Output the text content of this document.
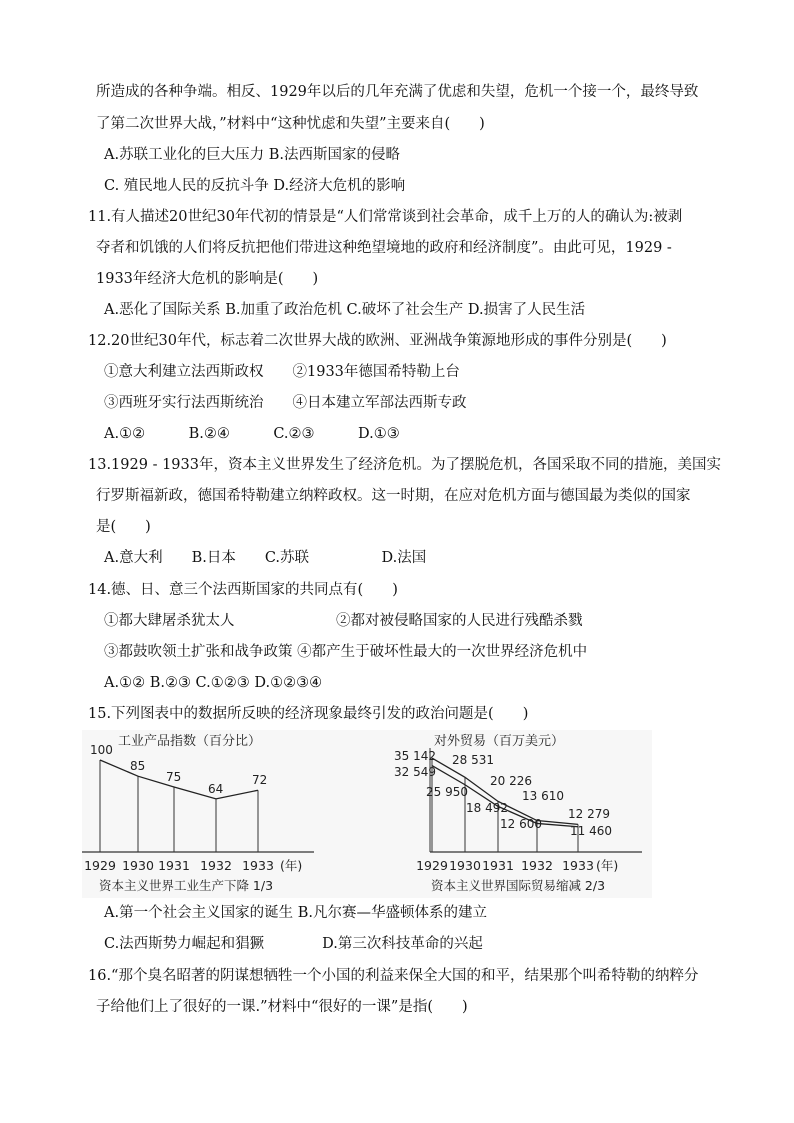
所造成的各种争端。相反、1929年以后的几年充满了优虑和失望，危机一个接一个，最终导致
了第二次世界大战，”材料中“这种忧虑和失望”主要来自(　　)
A.苏联工业化的巨大压力 B.法西斯国家的侵略
C. 殖民地人民的反抗斗争 D.经济大危机的影响
11.有人描述20世纪30年代初的情景是“人们常常谈到社会革命，成千上万的人的确认为:被剥
夺者和饥饿的人们将反抗把他们带进这种绝望境地的政府和经济制度”。由此可见，1929 -
1933年经济大危机的影响是(　　)
A.恶化了国际关系 B.加重了政治危机 C.破坏了社会生产 D.损害了人民生活
12.20世纪30年代，标志着二次世界大战的欧洲、亚洲战争策源地形成的事件分别是(　　)
①意大利建立法西斯政权　　②1933年德国希特勒上台
③西班牙实行法西斯统治　　④日本建立军部法西斯专政
A.①②　　　B.②④　　　C.②③　　　D.①③
13.1929 - 1933年，资本主义世界发生了经济危机。为了摆脱危机，各国采取不同的措施，美国实
行罗斯福新政，德国希特勒建立纳粹政权。这一时期，在应对危机方面与德国最为类似的国家
是(　　)
A.意大利　　B.日本　　C.苏联　　　　　D.法国
14.德、日、意三个法西斯国家的共同点有(　　)
①都大肆屠杀犹太人　　　　　　　②都对被侵略国家的人民进行残酷杀戮
③都鼓吹领土扩张和战争政策 ④都产生于破坏性最大的一次世界经济危机中
A.①② B.②③ C.①②③ D.①②③④
15.下列图表中的数据所反映的经济现象最终引发的政治问题是(　　)
工业产品指数（百分比）
100
85
75
64
72
1929 1930 1931 1932 1933 (年)
资本主义世界工业生产下降 1/3
对外贸易（百万美元）
35 142 28 531
20 226
13 610
12 279
32 549
25 950
18 492
12 600 11 460
1929 1930 1931 1932 1933 (年)
资本主义世界国际贸易缩减 2/3
A.第一个社会主义国家的诞生 B.凡尔赛—华盛顿体系的建立
C.法西斯势力崛起和猖獗　　　　D.第三次科技革命的兴起
16.“那个臭名昭著的阴谋想牺牲一个小国的利益来保全大国的和平，结果那个叫希特勒的纳粹分
子给他们上了很好的一课.”材料中“很好的一课”是指(　　)
